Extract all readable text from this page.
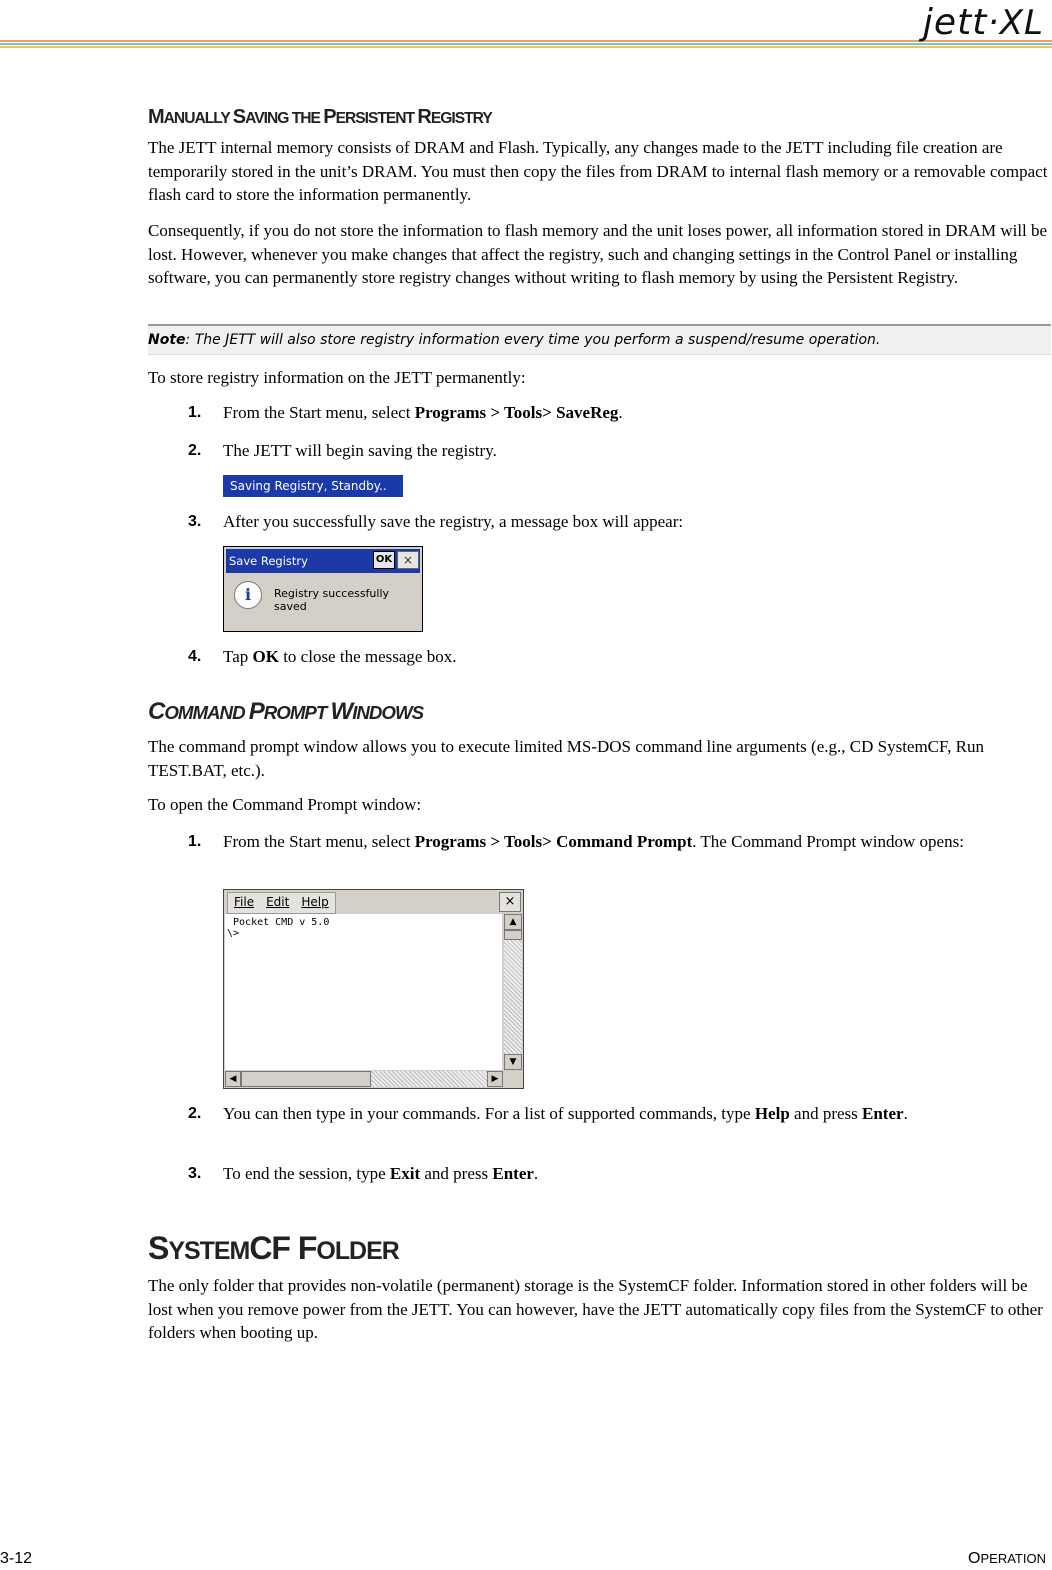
jett·XL
MANUALLY SAVING THE PERSISTENT REGISTRY

The JETT internal memory consists of DRAM and Flash. Typically, any changes made to the JETT including file creation are temporarily stored in the unit’s DRAM. You must then copy the files from DRAM to internal flash memory or a removable compact flash card to store the information permanently.

Consequently, if you do not store the information to flash memory and the unit loses power, all information stored in DRAM will be lost. However, whenever you make changes that affect the registry, such and changing settings in the Control Panel or installing software, you can permanently store registry changes without writing to flash memory by using the Persistent Registry.

Note: The JETT will also store registry information every time you perform a suspend/resume operation.

To store registry information on the JETT permanently:

1. From the Start menu, select Programs > Tools> SaveReg.
2. The JETT will begin saving the registry.
Saving Registry, Standby..
3. After you successfully save the registry, a message box will appear:
Save Registry	OK ×
i	Registry successfully saved
4. Tap OK to close the message box.
COMMAND PROMPT WINDOWS

The command prompt window allows you to execute limited MS-DOS command line arguments (e.g., CD SystemCF, Run TEST.BAT, etc.).

To open the Command Prompt window:

1. From the Start menu, select Programs > Tools> Command Prompt. The Command Prompt window opens:
File Edit Help	×
Pocket CMD v 5.0
\>
▲
▼
◀	▶
2. You can then type in your commands. For a list of supported commands, type Help and press Enter.
3. To end the session, type Exit and press Enter.
SYSTEMCF FOLDER

The only folder that provides non-volatile (permanent) storage is the SystemCF folder. Information stored in other folders will be lost when you remove power from the JETT. You can however, have the JETT automatically copy files from the SystemCF to other folders when booting up.

3-12	OPERATION
